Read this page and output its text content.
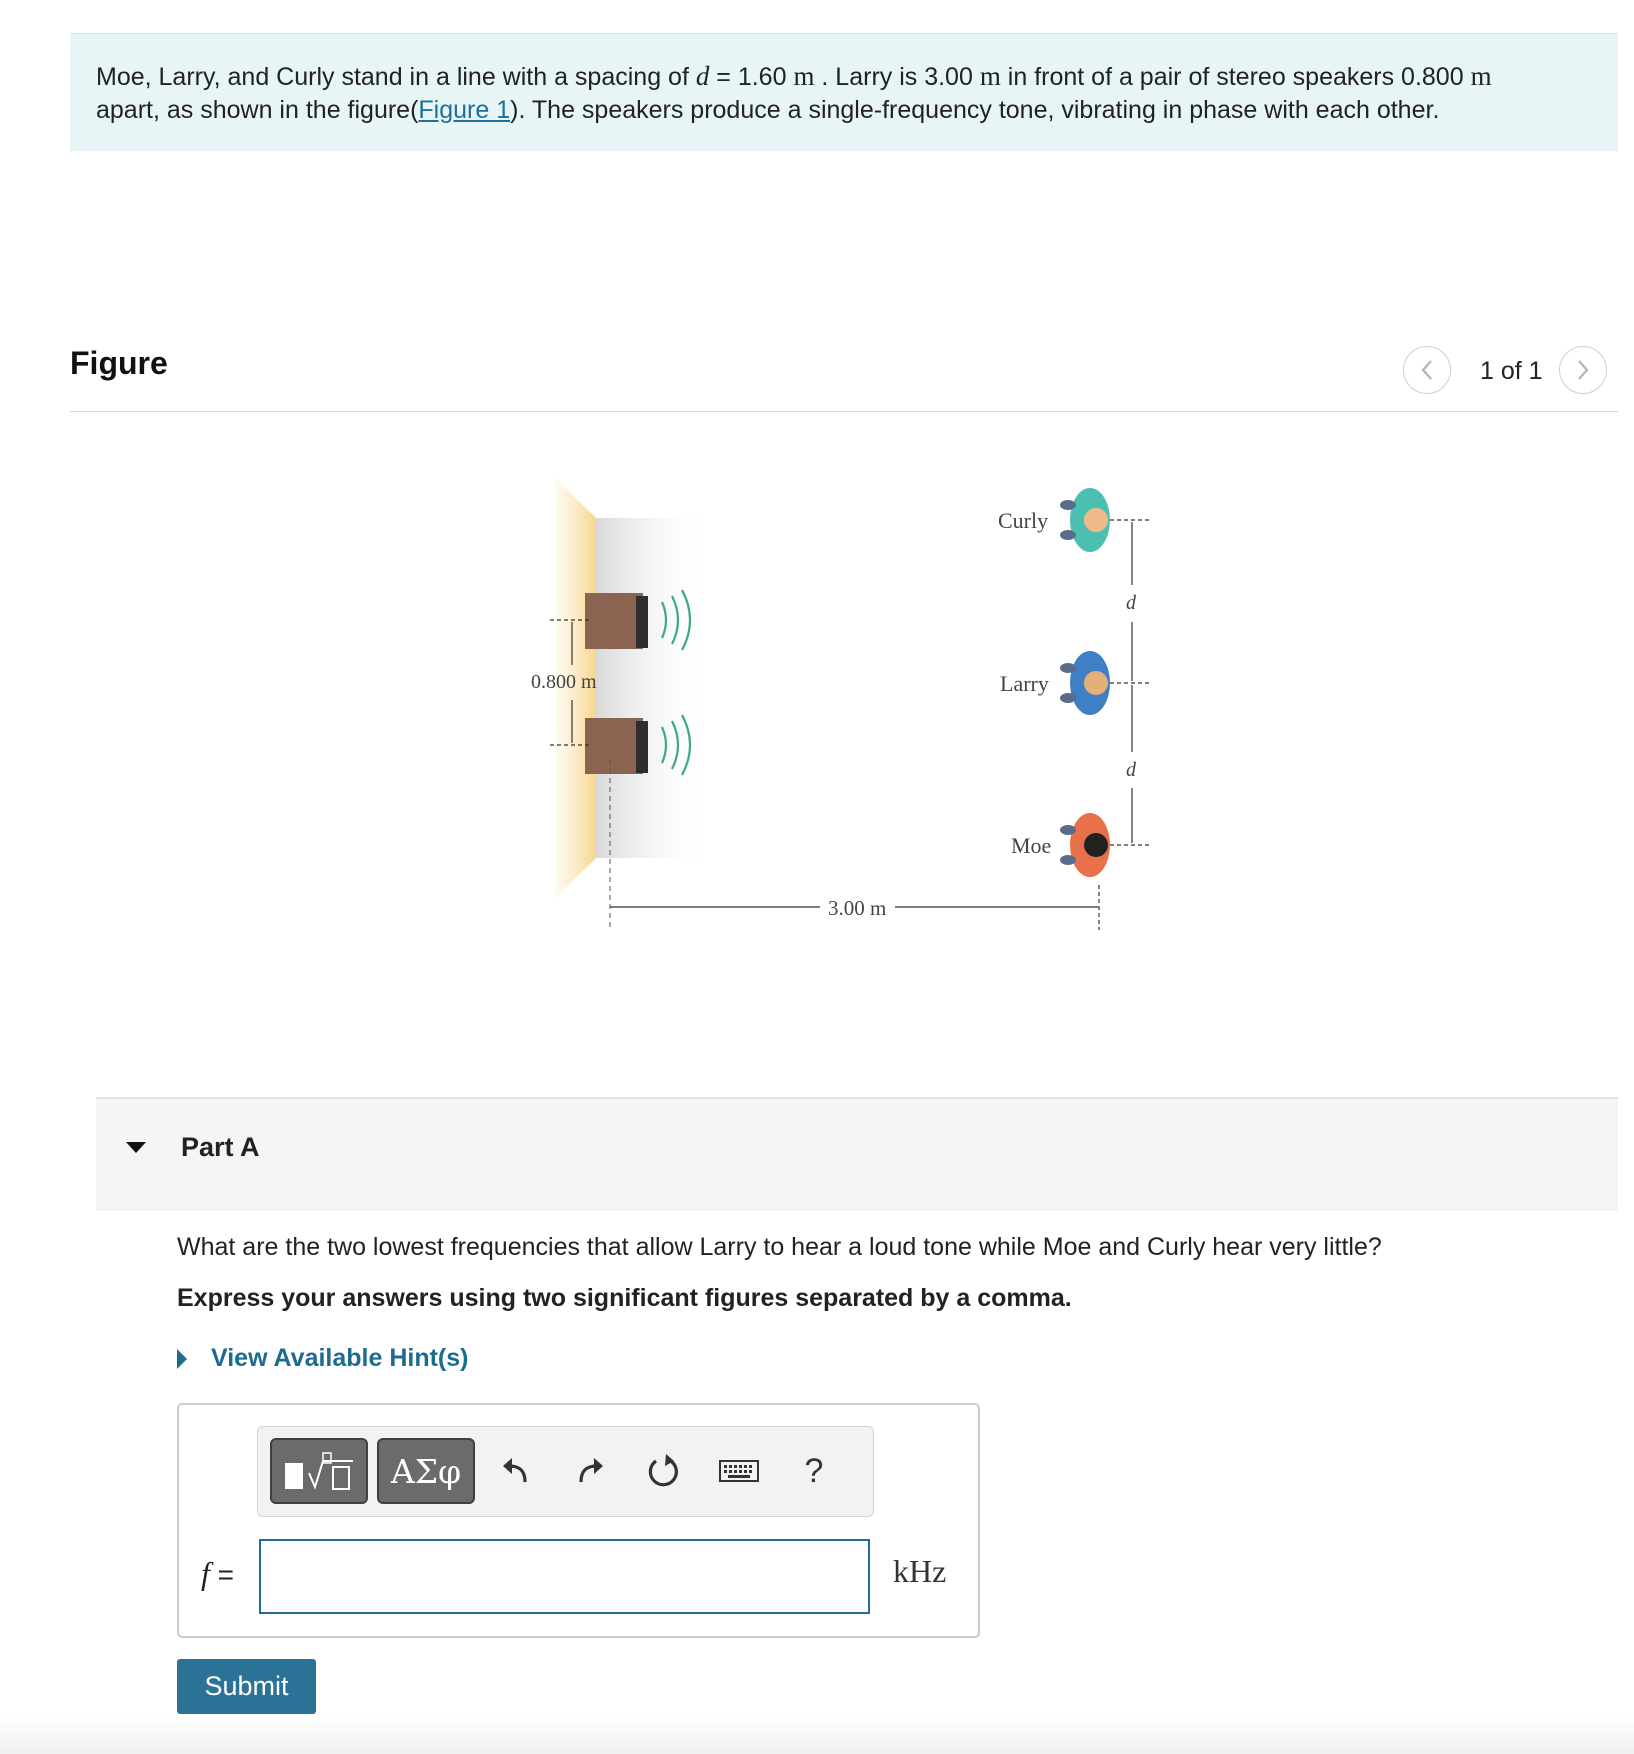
Moe, Larry, and Curly stand in a line with a spacing of d = 1.60 m . Larry is 3.00 m in front of a pair of stereo speakers 0.800 m
apart, as shown in the figure(Figure 1). The speakers produce a single-frequency tone, vibrating in phase with each other.
Figure	1 of 1
0.800 m
3.00 m
d
d
Curly
Larry
Moe
Part A
What are the two lowest frequencies that allow Larry to hear a loud tone while Moe and Curly hear very little?
Express your answers using two significant figures separated by a comma.
View Available Hint(s)
ΑΣφ	?
f =	kHz
Submit
